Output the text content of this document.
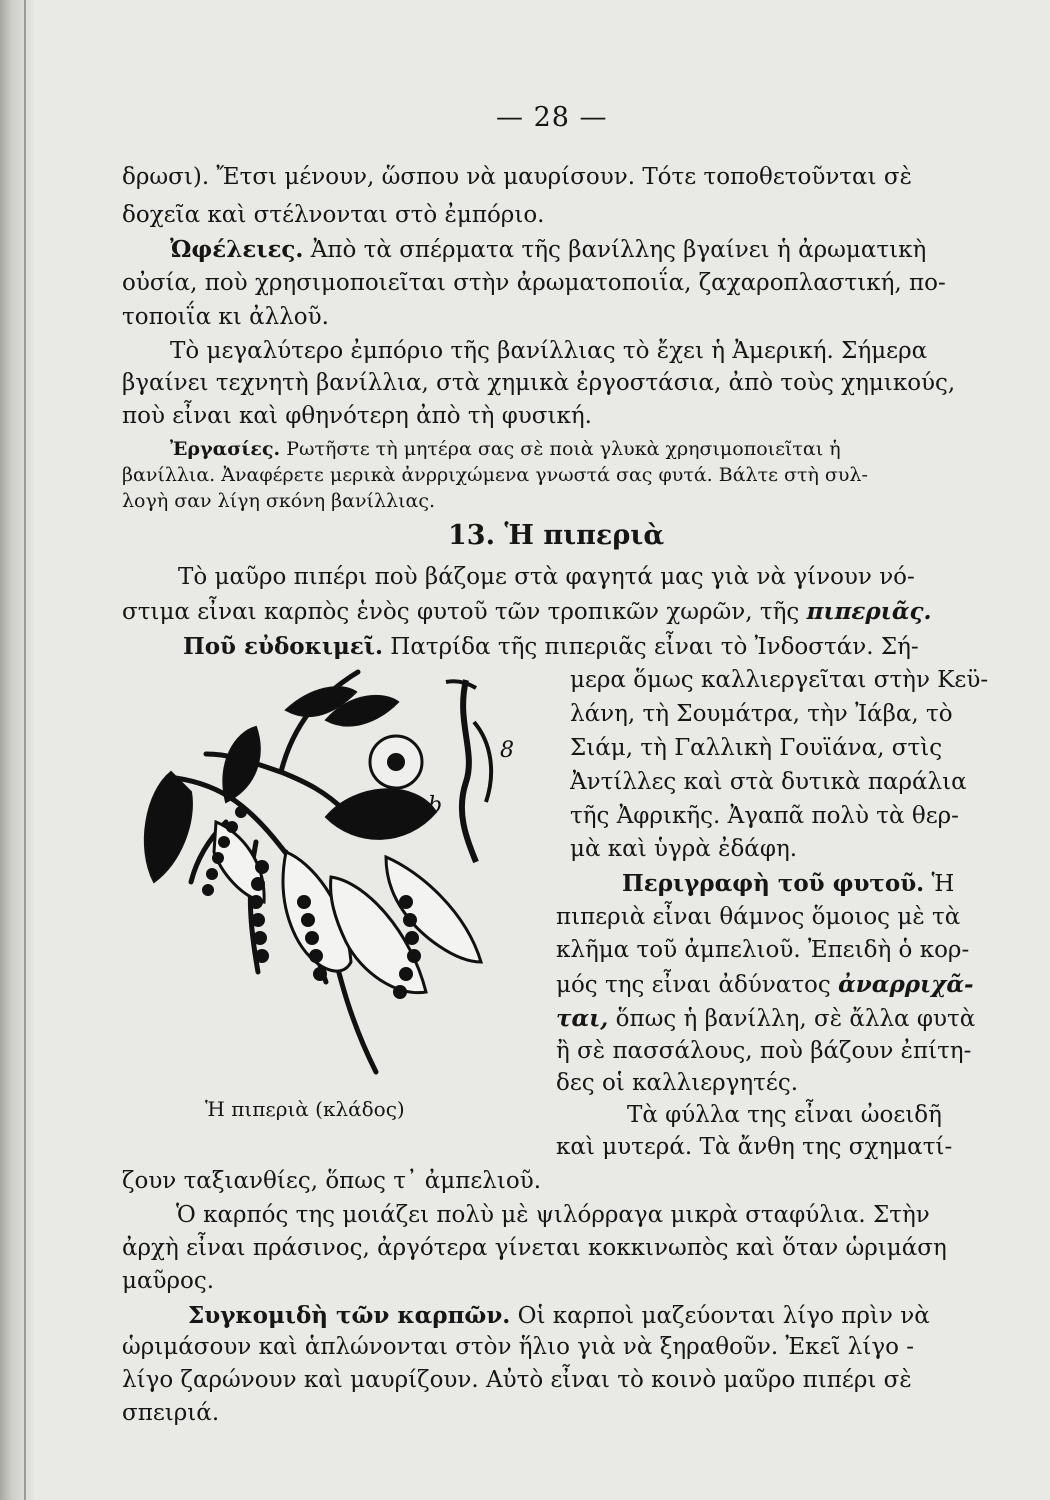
— 28 —
δρωσι). Ἔτσι μένουν, ὥσπου νὰ μαυρίσουν. Τότε τοποθετοῦνται σὲ
δοχεῖα καὶ στέλνονται στὸ ἐμπόριο.
Ὠφέλειες. Ἀπὸ τὰ σπέρματα τῆς βανίλλης βγαίνει ἡ ἀρωματικὴ
οὐσία, ποὺ χρησιμοποιεῖται στὴν ἀρωματοποιΐα, ζαχαροπλαστική, πο-
τοποιΐα κι ἀλλοῦ.
Τὸ μεγαλύτερο ἐμπόριο τῆς βανίλλιας τὸ ἔχει ἡ Ἀμερική. Σήμερα
βγαίνει τεχνητὴ βανίλλια, στὰ χημικὰ ἐργοστάσια, ἀπὸ τοὺς χημικούς,
ποὺ εἶναι καὶ φθηνότερη ἀπὸ τὴ φυσική.
Ἐργασίες. Ρωτῆστε τὴ μητέρα σας σὲ ποιὰ γλυκὰ χρησιμοποιεῖται ἡ
βανίλλια. Ἀναφέρετε μερικὰ ἀνρριχώμενα γνωστά σας φυτά. Βάλτε στὴ συλ-
λογὴ σαν λίγη σκόνη βανίλλιας.
13. Ἡ πιπεριὰ
Τὸ μαῦρο πιπέρι ποὺ βάζομε στὰ φαγητά μας γιὰ νὰ γίνουν νό-
στιμα εἶναι καρπὸς ἑνὸς φυτοῦ τῶν τροπικῶν χωρῶν, τῆς πιπεριᾶς.
Ποῦ εὐδοκιμεῖ. Πατρίδα τῆς πιπεριᾶς εἶναι τὸ Ἰνδοστάν. Σή-
μερα ὅμως καλλιεργεῖται στὴν Κεϋ-
λάνη, τὴ Σουμάτρα, τὴν Ἰάβα, τὸ
Σιάμ, τὴ Γαλλικὴ Γουϊάνα, στὶς
Ἀντίλλες καὶ στὰ δυτικὰ παράλια
τῆς Ἀφρικῆς. Ἀγαπᾶ πολὺ τὰ θερ-
μὰ καὶ ὑγρὰ ἐδάφη.
Περιγραφὴ τοῦ φυτοῦ. Ἡ
πιπεριὰ εἶναι θάμνος ὅμοιος μὲ τὰ
κλῆμα τοῦ ἀμπελιοῦ. Ἐπειδὴ ὁ κορ-
μός της εἶναι ἀδύνατος ἀναρριχᾶ-
ται, ὅπως ἡ βανίλλη, σὲ ἄλλα φυτὰ
ἢ σὲ πασσάλους, ποὺ βάζουν ἐπίτη-
δες οἱ καλλιεργητές.
Τὰ φύλλα της εἶναι ὠοειδῆ
καὶ μυτερά. Τὰ ἄνθη της σχηματί-
ζουν ταξιανθίες, ὅπως τ᾽ ἀμπελιοῦ.
Ὁ καρπός της μοιάζει πολὺ μὲ ψιλόρραγα μικρὰ σταφύλια. Στὴν
ἀρχὴ εἶναι πράσινος, ἀργότερα γίνεται κοκκινωπὸς καὶ ὅταν ὡριμάση
μαῦρος.
Συγκομιδὴ τῶν καρπῶν. Οἱ καρποὶ μαζεύονται λίγο πρὶν νὰ
ὡριμάσουν καὶ ἁπλώνονται στὸν ἥλιο γιὰ νὰ ξηραθοῦν. Ἐκεῖ λίγο -
λίγο ζαρώνουν καὶ μαυρίζουν. Αὐτὸ εἶναι τὸ κοινὸ μαῦρο πιπέρι σὲ
σπειριά.
b
8
Ἡ πιπεριὰ (κλάδος)
